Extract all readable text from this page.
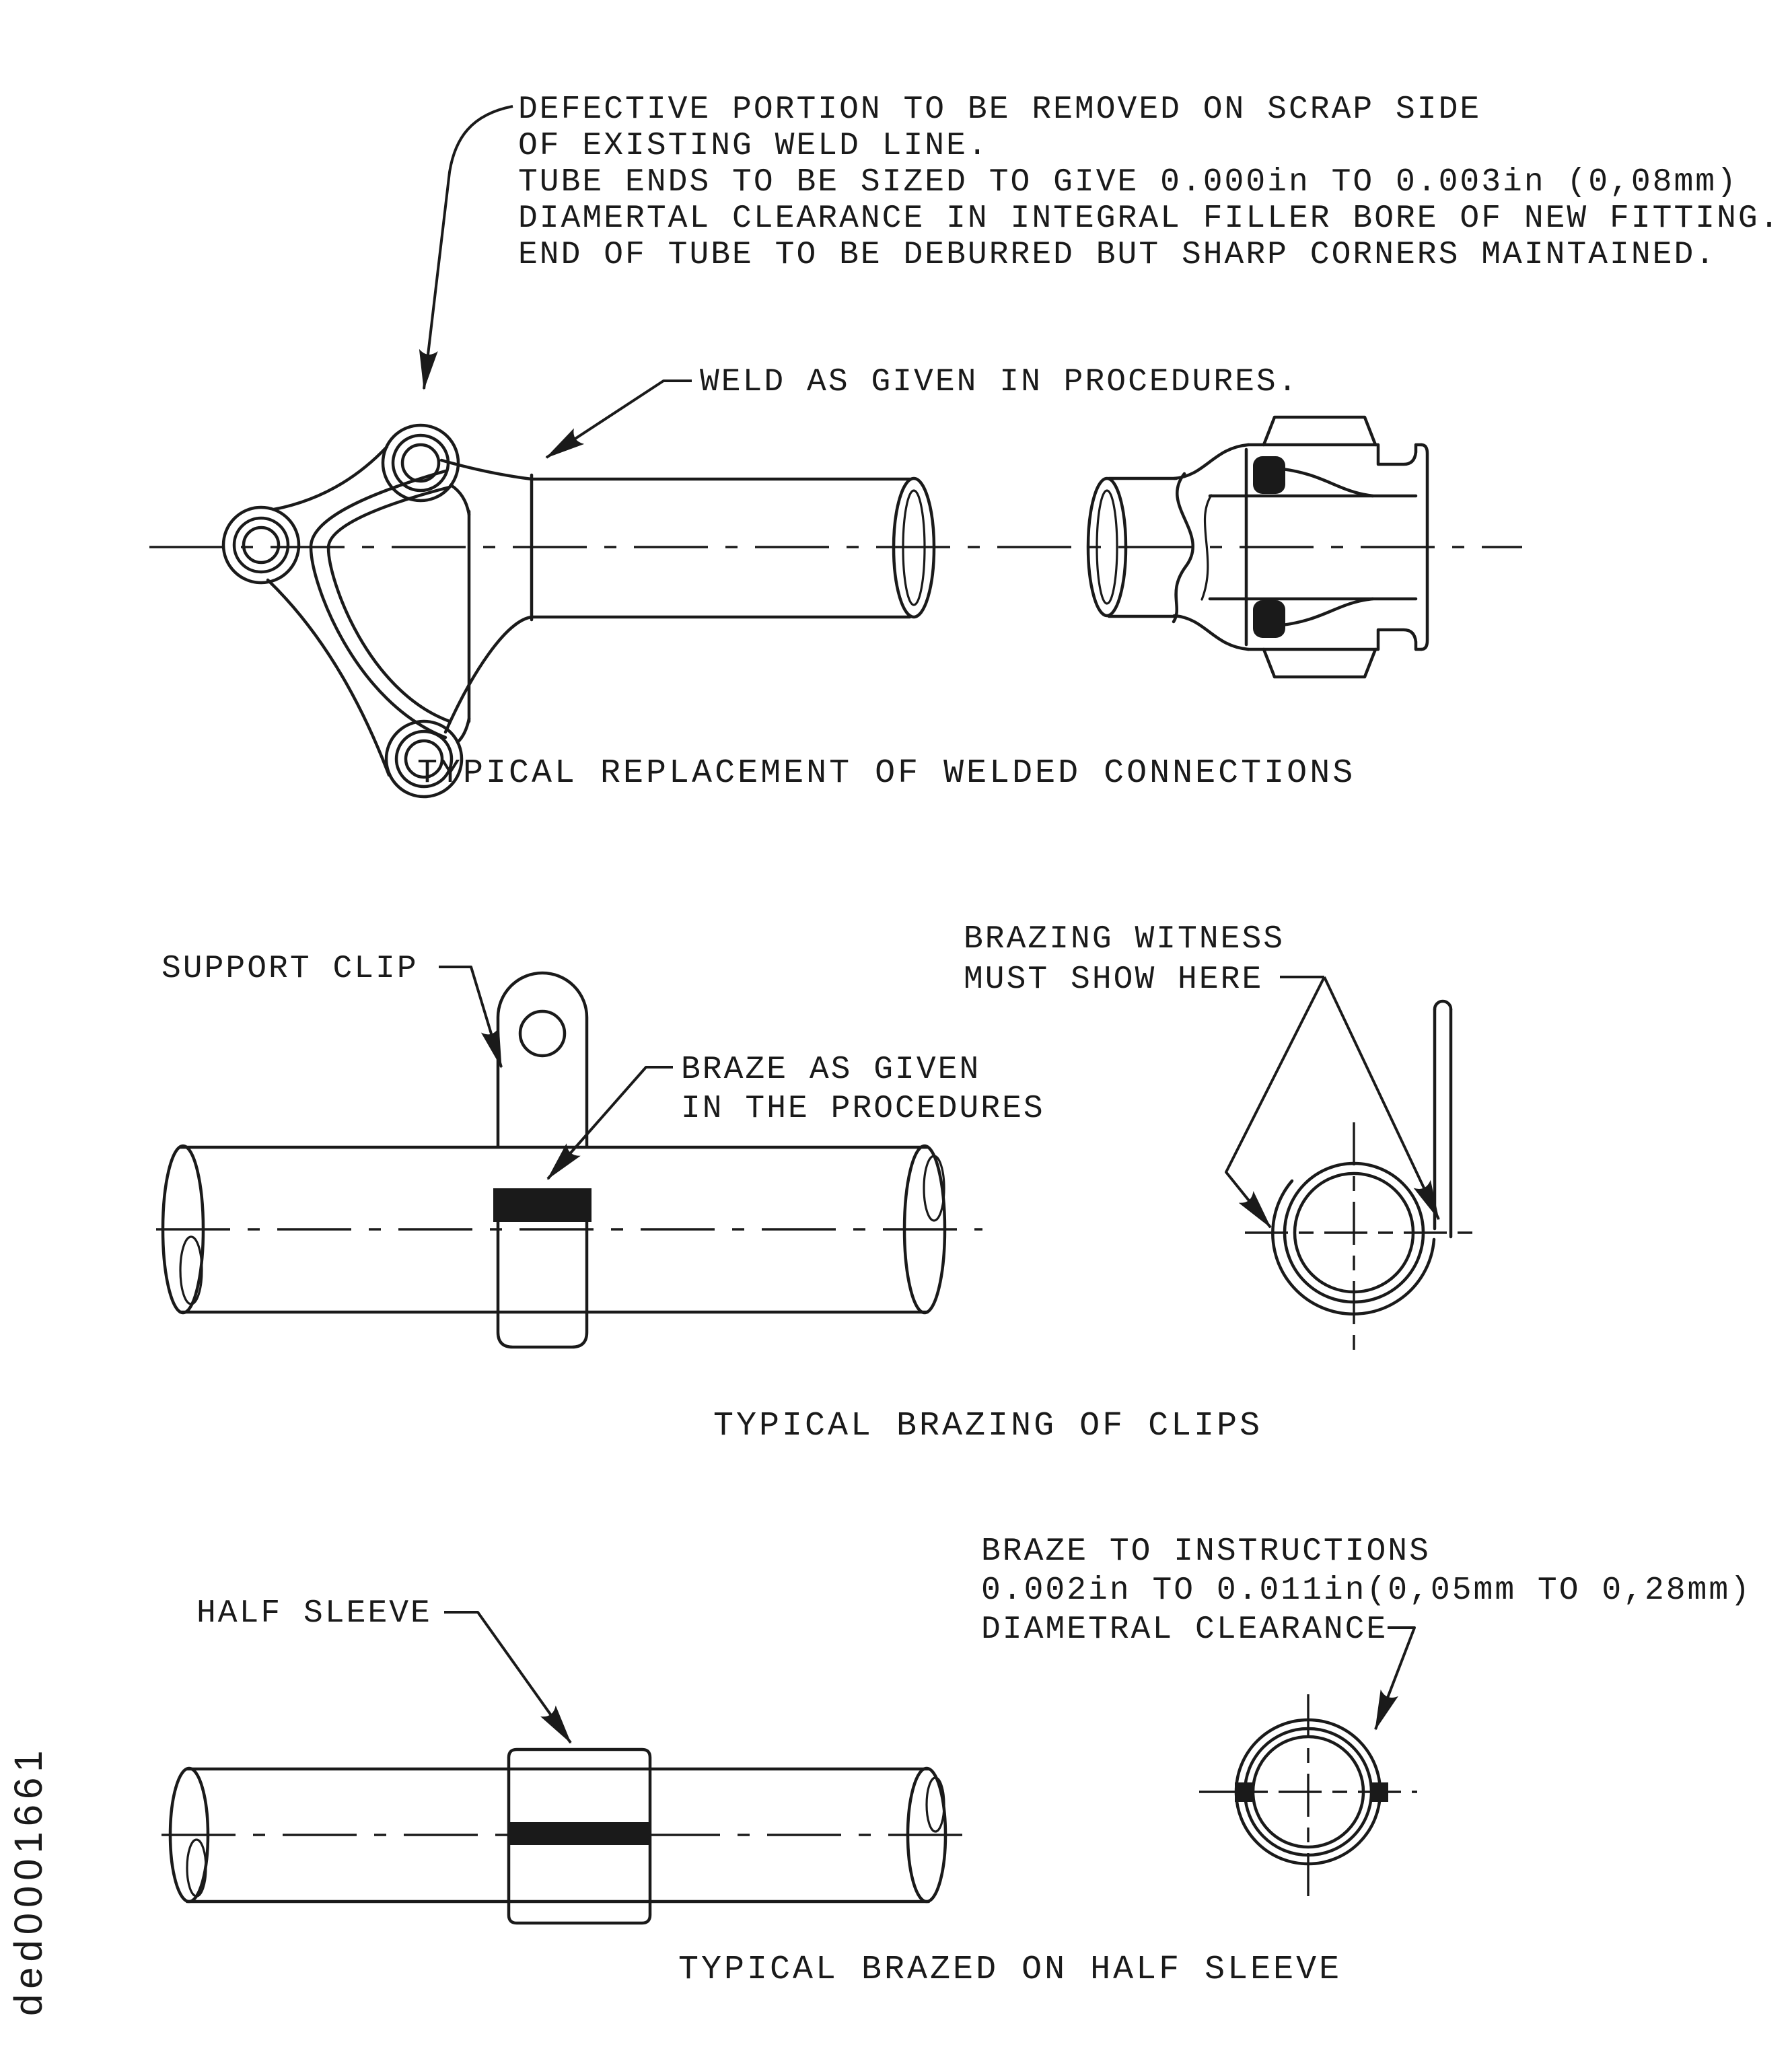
DEFECTIVE PORTION TO BE REMOVED ON SCRAP SIDE
OF EXISTING WELD LINE.
TUBE ENDS TO BE SIZED TO GIVE 0.000in TO 0.003in (0,08mm)
DIAMERTAL CLEARANCE IN INTEGRAL FILLER BORE OF NEW FITTING.
END OF TUBE TO BE DEBURRED BUT SHARP CORNERS MAINTAINED.
WELD AS GIVEN IN PROCEDURES.
TYPICAL REPLACEMENT OF WELDED CONNECTIONS
SUPPORT CLIP
BRAZE AS GIVEN
IN THE PROCEDURES
BRAZING WITNESS
MUST SHOW HERE
TYPICAL BRAZING OF CLIPS
HALF SLEEVE
BRAZE TO INSTRUCTIONS
0.002in TO 0.011in(0,05mm TO 0,28mm)
DIAMETRAL CLEARANCE
TYPICAL BRAZED ON HALF SLEEVE
ded0001661
